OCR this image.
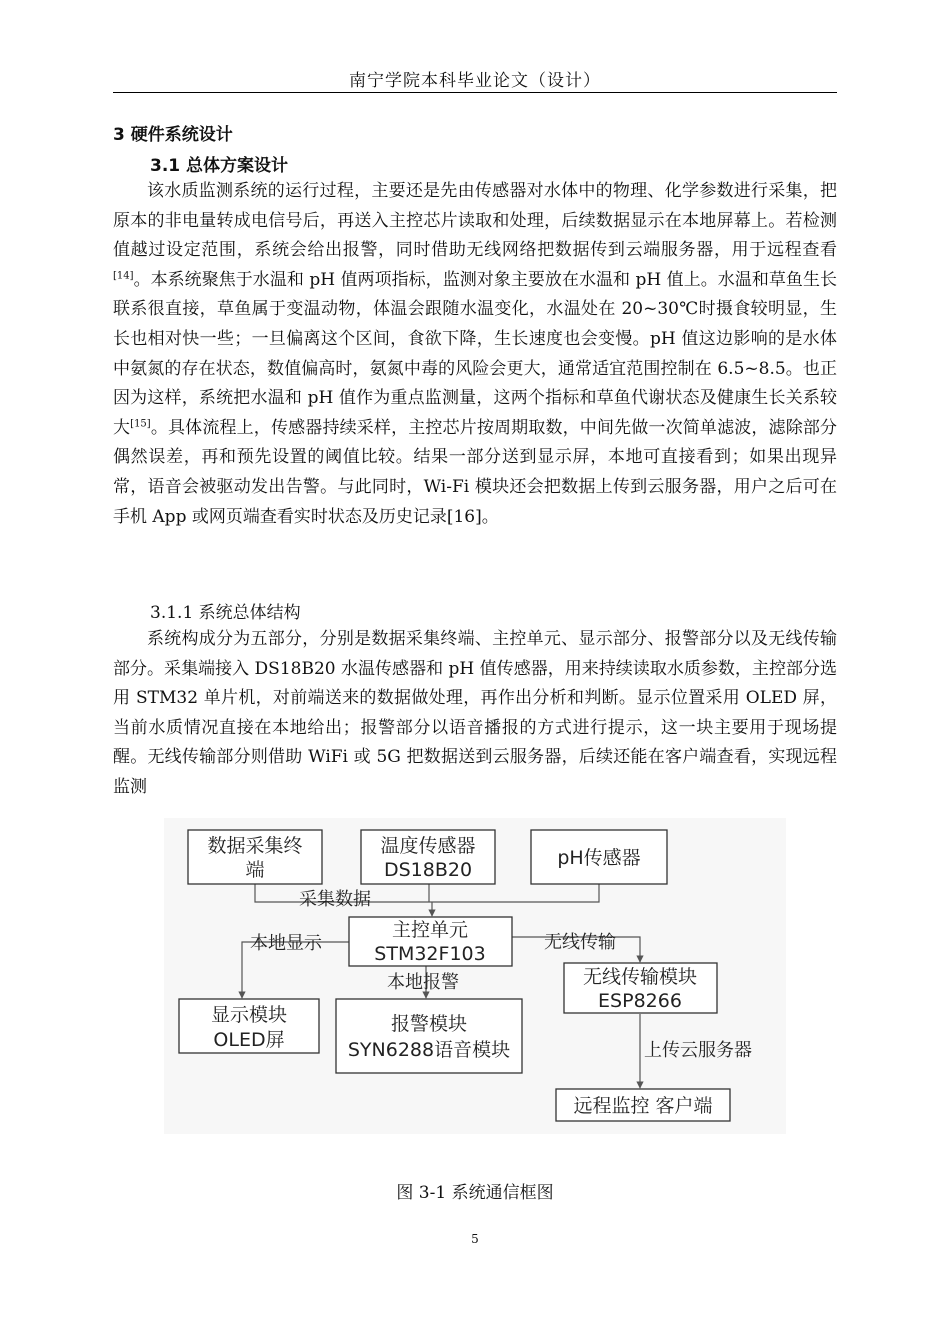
南宁学院本科毕业论文（设计）
3 硬件系统设计
3.1 总体方案设计

该水质监测系统的运行过程，主要还是先由传感器对水体中的物理、化学参数进行采集，把原本的非电量转成电信号后，再送入主控芯片读取和处理，后续数据显示在本地屏幕上。若检测值越过设定范围，系统会给出报警，同时借助无线网络把数据传到云端服务器，用于远程查看[14]。本系统聚焦于水温和 pH 值两项指标，监测对象主要放在水温和 pH 值上。水温和草鱼生长联系很直接，草鱼属于变温动物，体温会跟随水温变化，水温处在 20~30℃时摄食较明显，生长也相对快一些；一旦偏离这个区间，食欲下降，生长速度也会变慢。pH 值这边影响的是水体中氨氮的存在状态，数值偏高时，氨氮中毒的风险会更大，通常适宜范围控制在 6.5~8.5。也正因为这样，系统把水温和 pH 值作为重点监测量，这两个指标和草鱼代谢状态及健康生长关系较大[15]。具体流程上，传感器持续采样，主控芯片按周期取数，中间先做一次简单滤波，滤除部分偶然误差，再和预先设置的阈值比较。结果一部分送到显示屏，本地可直接看到；如果出现异常，语音会被驱动发出告警。与此同时，Wi-Fi 模块还会把数据上传到云服务器，用户之后可在手机 App 或网页端查看实时状态及历史记录[16]。

3.1.1 系统总体结构

系统构成分为五部分，分别是数据采集终端、主控单元、显示部分、报警部分以及无线传输部分。采集端接入 DS18B20 水温传感器和 pH 值传感器，用来持续读取水质参数，主控部分选用 STM32 单片机，对前端送来的数据做处理，再作出分析和判断。显示位置采用 OLED 屏，当前水质情况直接在本地给出；报警部分以语音播报的方式进行提示，这一块主要用于现场提醒。无线传输部分则借助 WiFi 或 5G 把数据送到云服务器，后续还能在客户端查看，实现远程监测

数据采集终
端
温度传感器
DS18B20
pH传感器
主控单元
STM32F103
无线传输模块
ESP8266
显示模块
OLED屏
报警模块
SYN6288语音模块
远程监控 客户端
采集数据
本地显示
本地报警
无线传输
上传云服务器
图 3-1 系统通信框图
5
